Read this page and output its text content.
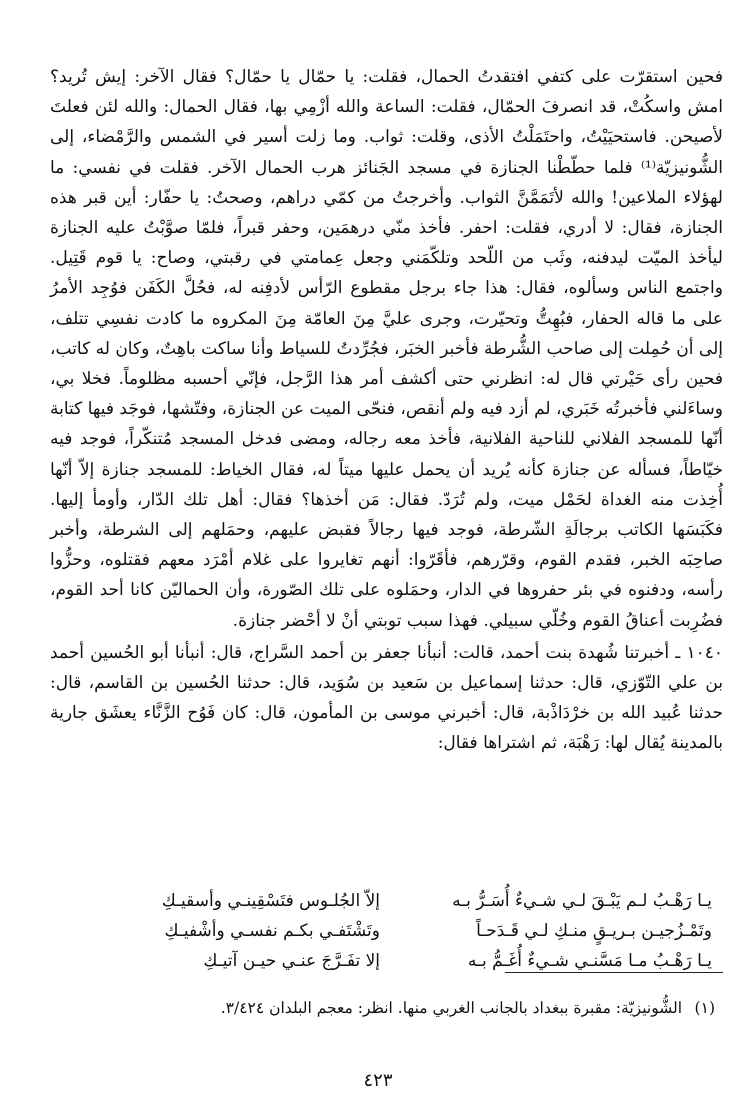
فحين استقرّت على كتفي افتقدتُ الحمال، فقلت: يا حمّال يا حمّال؟ فقال الآخر: إيش تُريد؟ امش واسكُتْ، قد انصرفَ الحمّال، فقلت: الساعة والله أزْمِي بها، فقال الحمال: والله لئن فعلتَ لأصيحن. فاستحيَيْتُ، واحتَمَلْتُ الأذى، وقلت: ثواب. وما زلت أسير في الشمس والرَّمْضاء، إلى الشُّونيزيّة⁽¹⁾ فلما حطّطْنا الجنازة في مسجد الجَنائز هرب الحمال الآخر. فقلت في نفسي: ما لهؤلاء الملاعين! والله لأتَمَمَّنَّ الثواب. وأخرجتُ من كمّي دراهم، وصحتُ: يا حفّار: أين قبر هذه الجنازة، فقال: لا أدري، فقلت: احفر. فأخذ منّي درهمَين، وحفر قبراً، فلمّا صوَّبْتُ عليه الجنازة ليأخذ الميّت ليدفنه، وثَب من اللّحد وتلكّمَني وجعل عِمامتي في رقبتي، وصاح: يا قوم قَتِيل. واجتمع الناس وسألوه، فقال: هذا جاء برجل مقطوع الرّأس لأدفِنه له، فحُلَّ الكَفَن فوُجِد الأمرُ على ما قاله الحفار، فبُهِتُّ وتحيّرت، وجرى عليَّ مِنَ العامّة مِنَ المكروه ما كادت نفسِي تتلف، إلى أن حُمِلت إلى صاحب الشُّرطة فأخبر الخبَر، فجُرِّدتُ للسياط وأنا ساكت باهِتٌ، وكان له كاتب، فحين رأى حَيْرتي قال له: انظرني حتى أكشف أمر هذا الرَّجل، فإنّي أحسبه مظلوماً. فخلا بي، وساءَلني فأخبرتُه خَبَري، لم أزد فيه ولم أنقص، فنحّى الميت عن الجنازة، وفتّشها، فوجَد فيها كتابة أنّها للمسجد الفلاني للناحية الفلانية، فأخذ معه رجاله، ومضى فدخل المسجد مُتنكّراً، فوجد فيه خيّاطاً، فسأله عن جنازة كأنه يُريد أن يحمل عليها ميتاً له، فقال الخياط: للمسجد جنازة إلاّ أنّها أُخِذت منه الغداة لحَمْل ميت، ولم تُرَدّ. فقال: مَن أخذها؟ فقال: أهل تلك الدّار، وأومأ إليها. فكَبَسَها الكاتب برجالَةِ الشّرطة، فوجد فيها رجالاً فقبض عليهم، وحمَلهم إلى الشرطة، وأخبر صاحِبَه الخبر، فقدم القوم، وقرّرهم، فأقَرّوا: أنهم تغايروا على غلام أمْرَد معهم فقتلوه، وحزُّوا رأسه، ودفنوه في بئر حفروها في الدار، وحمَلوه على تلك الصّورة، وأن الحماليّن كانا أحد القوم، فضُرِبت أعناقُ القوم وخُلّي سبيلي. فهذا سبب توبتي أنْ لا أحْضر جنازة.

١٠٤٠ ـ أخبرتنا شُهدة بنت أحمد، قالت: أنبأنا جعفر بن أحمد السَّراج، قال: أنبأنا أبو الحُسين أحمد بن علي التّوّزي، قال: حدثنا إسماعيل بن سَعيد بن سُوَيد، قال: حدثنا الحُسين بن القاسم، قال: حدثنا عُبيد الله بن خرْدَاذْبة، قال: أخبرني موسى بن المأمون، قال: كان فَوُح الزَّنَّاء يعشَق جارية بالمدينة يُقال لها: رَهْبَة، ثم اشتراها فقال:

يـا رَهْـبُ لـم يَبْـقَ لـي شـيءٌ أُسَـرُّ بـه
إلاّ الجُلـوس فتَسْقِينـي وأسقيـكِ
وتَمْـزُجيـن بـريـقٍ منـكِ لـي قَـدَحـاً
وتَشْتَفـي بكـم نفسـي وأشْفيـكِ
يـا رَهْـبُ مـا مَسَّنـي شـيءٌ أُغَـمُّ بـه
إلا تفَـرَّجَ عنـي حيـن آتيـكِ
(١) الشُّونيزيّة: مقبرة ببغداد بالجانب الغربي منها. انظر: معجم البلدان ٣/٤٢٤.
٤٢٣
